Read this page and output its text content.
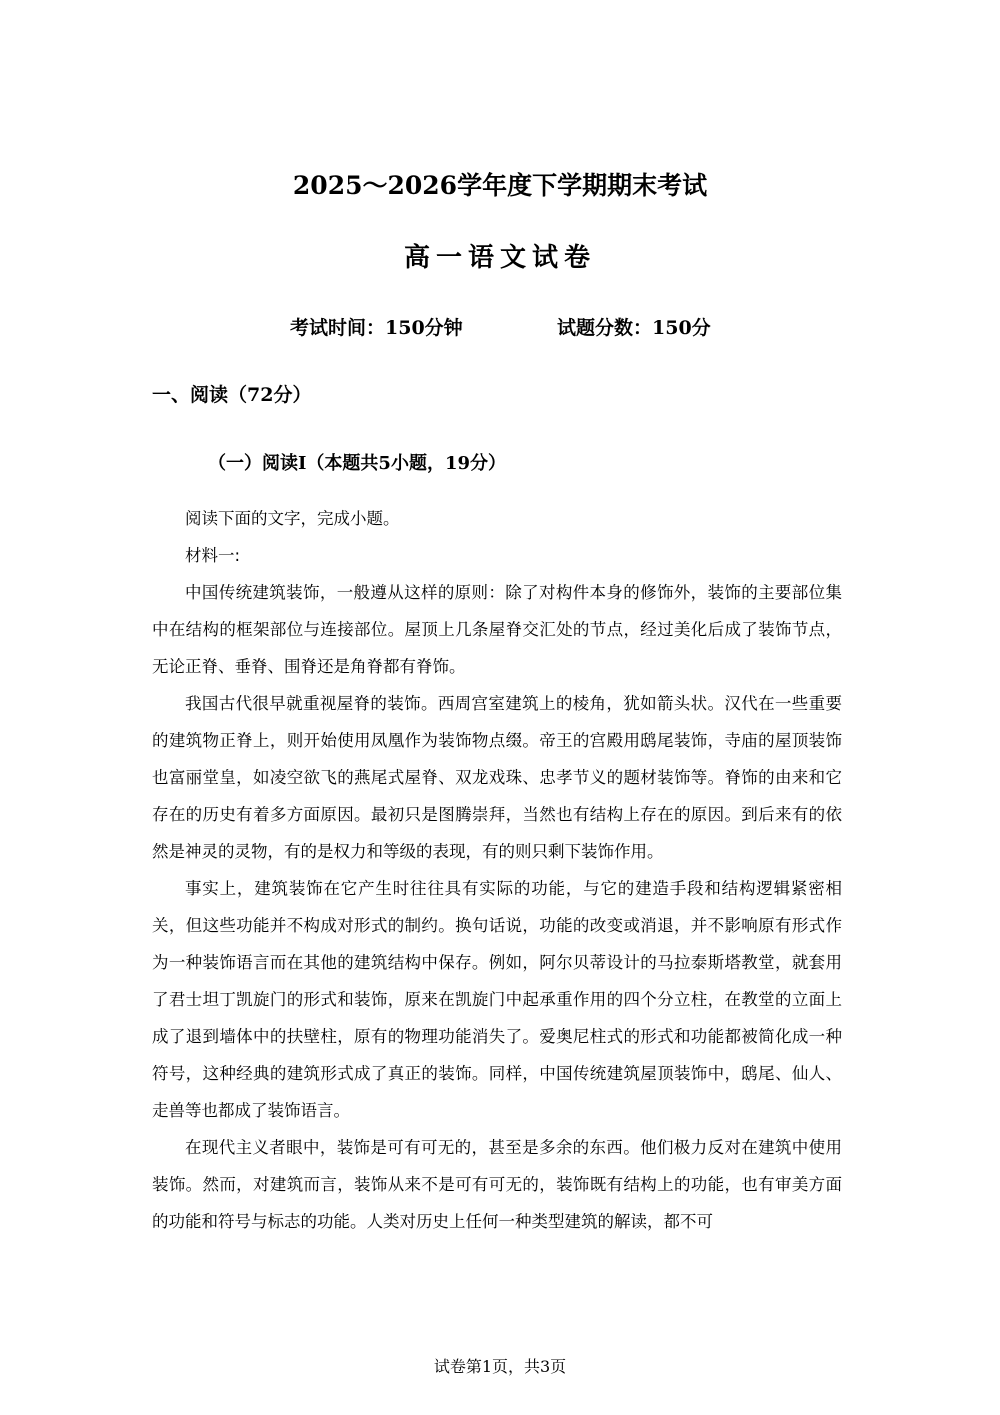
2025～2026学年度下学期期末考试
高一语文试卷
考试时间：150分钟	试题分数：150分
一、阅读（72分）
（一）阅读I（本题共5小题，19分）

阅读下面的文字，完成小题。

材料一:

中国传统建筑装饰，一般遵从这样的原则：除了对构件本身的修饰外，装饰的主要部位集中在结构的框架部位与连接部位。屋顶上几条屋脊交汇处的节点，经过美化后成了装饰节点，无论正脊、垂脊、围脊还是角脊都有脊饰。

我国古代很早就重视屋脊的装饰。西周宫室建筑上的棱角，犹如箭头状。汉代在一些重要的建筑物正脊上，则开始使用凤凰作为装饰物点缀。帝王的宫殿用鸱尾装饰，寺庙的屋顶装饰也富丽堂皇，如凌空欲飞的燕尾式屋脊、双龙戏珠、忠孝节义的题材装饰等。脊饰的由来和它存在的历史有着多方面原因。最初只是图腾崇拜，当然也有结构上存在的原因。到后来有的依然是神灵的灵物，有的是权力和等级的表现，有的则只剩下装饰作用。

事实上，建筑装饰在它产生时往往具有实际的功能，与它的建造手段和结构逻辑紧密相关，但这些功能并不构成对形式的制约。换句话说，功能的改变或消退，并不影响原有形式作为一种装饰语言而在其他的建筑结构中保存。例如，阿尔贝蒂设计的马拉泰斯塔教堂，就套用了君士坦丁凯旋门的形式和装饰，原来在凯旋门中起承重作用的四个分立柱，在教堂的立面上成了退到墙体中的扶壁柱，原有的物理功能消失了。爱奥尼柱式的形式和功能都被简化成一种符号，这种经典的建筑形式成了真正的装饰。同样，中国传统建筑屋顶装饰中，鸱尾、仙人、走兽等也都成了装饰语言。

在现代主义者眼中，装饰是可有可无的，甚至是多余的东西。他们极力反对在建筑中使用装饰。然而，对建筑而言，装饰从来不是可有可无的，装饰既有结构上的功能，也有审美方面的功能和符号与标志的功能。人类对历史上任何一种类型建筑的解读，都不可

试卷第1页，共3页
